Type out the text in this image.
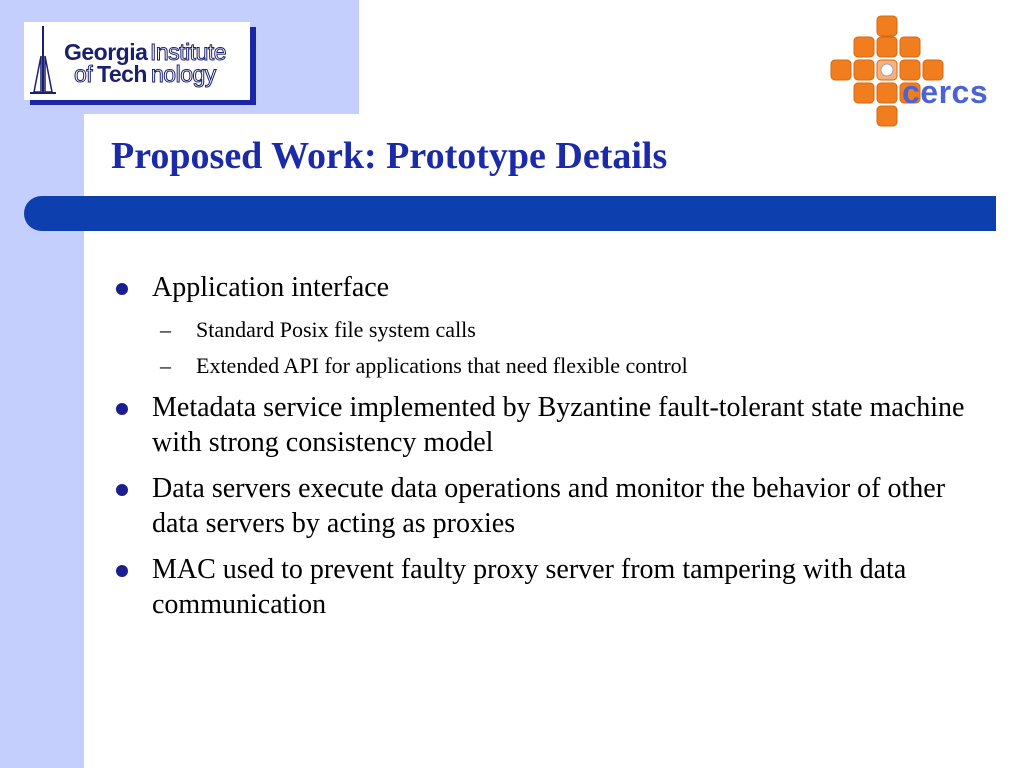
Georgia Institute
of Tech nology	cercs
Proposed Work: Prototype Details
Application interface
– Standard Posix file system calls
– Extended API for applications that need flexible control
Metadata service implemented by Byzantine fault-tolerant state machine with strong consistency model
Data servers execute data operations and monitor the behavior of other data servers by acting as proxies
MAC used to prevent faulty proxy server from tampering with data communication
